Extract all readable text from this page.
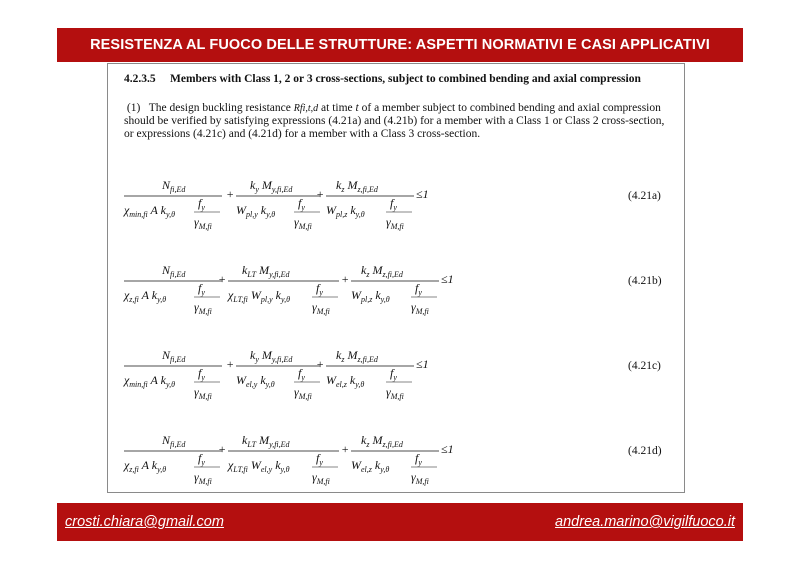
RESISTENZA AL FUOCO DELLE STRUTTURE: ASPETTI NORMATIVI E CASI APPLICATIVI
4.2.3.5 Members with Class 1, 2 or 3 cross-sections, subject to combined bending and axial compression
(1) The design buckling resistance Rfi,t,d at time t of a member subject to combined bending and axial compression should be verified by satisfying expressions (4.21a) and (4.21b) for a member with a Class 1 or Class 2 cross-section, or expressions (4.21c) and (4.21d) for a member with a Class 3 cross-section.
$N_{fi,Ed}$
$\chi_{min,fi}$ A $k_{y,\theta}$
$f_y$
$\gamma_{M,fi}$
+
$k_y$ $M_{y,fi,Ed}$
$W_{pl,y}$ $k_{y,\theta}$
$f_y$
$\gamma_{M,fi}$
+
$k_z$ $M_{z,fi,Ed}$
$W_{pl,z}$ $k_{y,\theta}$
$f_y$
$\gamma_{M,fi}$
≤1	(4.21a)
$N_{fi,Ed}$
$\chi_{z,fi}$ A $k_{y,\theta}$
$f_y$
$\gamma_{M,fi}$
+
$k_{LT}$ $M_{y,fi,Ed}$
$\chi_{LT,fi}$ $W_{pl,y}$ $k_{y,\theta}$
$f_y$
$\gamma_{M,fi}$
+
$k_z$ $M_{z,fi,Ed}$
$W_{pl,z}$ $k_{y,\theta}$
$f_y$
$\gamma_{M,fi}$
≤1	(4.21b)
$N_{fi,Ed}$
$\chi_{min,fi}$ A $k_{y,\theta}$
$f_y$
$\gamma_{M,fi}$
+
$k_y$ $M_{y,fi,Ed}$
$W_{el,y}$ $k_{y,\theta}$
$f_y$
$\gamma_{M,fi}$
+
$k_z$ $M_{z,fi,Ed}$
$W_{el,z}$ $k_{y,\theta}$
$f_y$
$\gamma_{M,fi}$
≤1	(4.21c)
$N_{fi,Ed}$
$\chi_{z,fi}$ A $k_{y,\theta}$
$f_y$
$\gamma_{M,fi}$
+
$k_{LT}$ $M_{y,fi,Ed}$
$\chi_{LT,fi}$ $W_{el,y}$ $k_{y,\theta}$
$f_y$
$\gamma_{M,fi}$
+
$k_z$ $M_{z,fi,Ed}$
$W_{el,z}$ $k_{y,\theta}$
$f_y$
$\gamma_{M,fi}$
≤1	(4.21d)
crosti.chiara@gmail.com	andrea.marino@vigilfuoco.it
